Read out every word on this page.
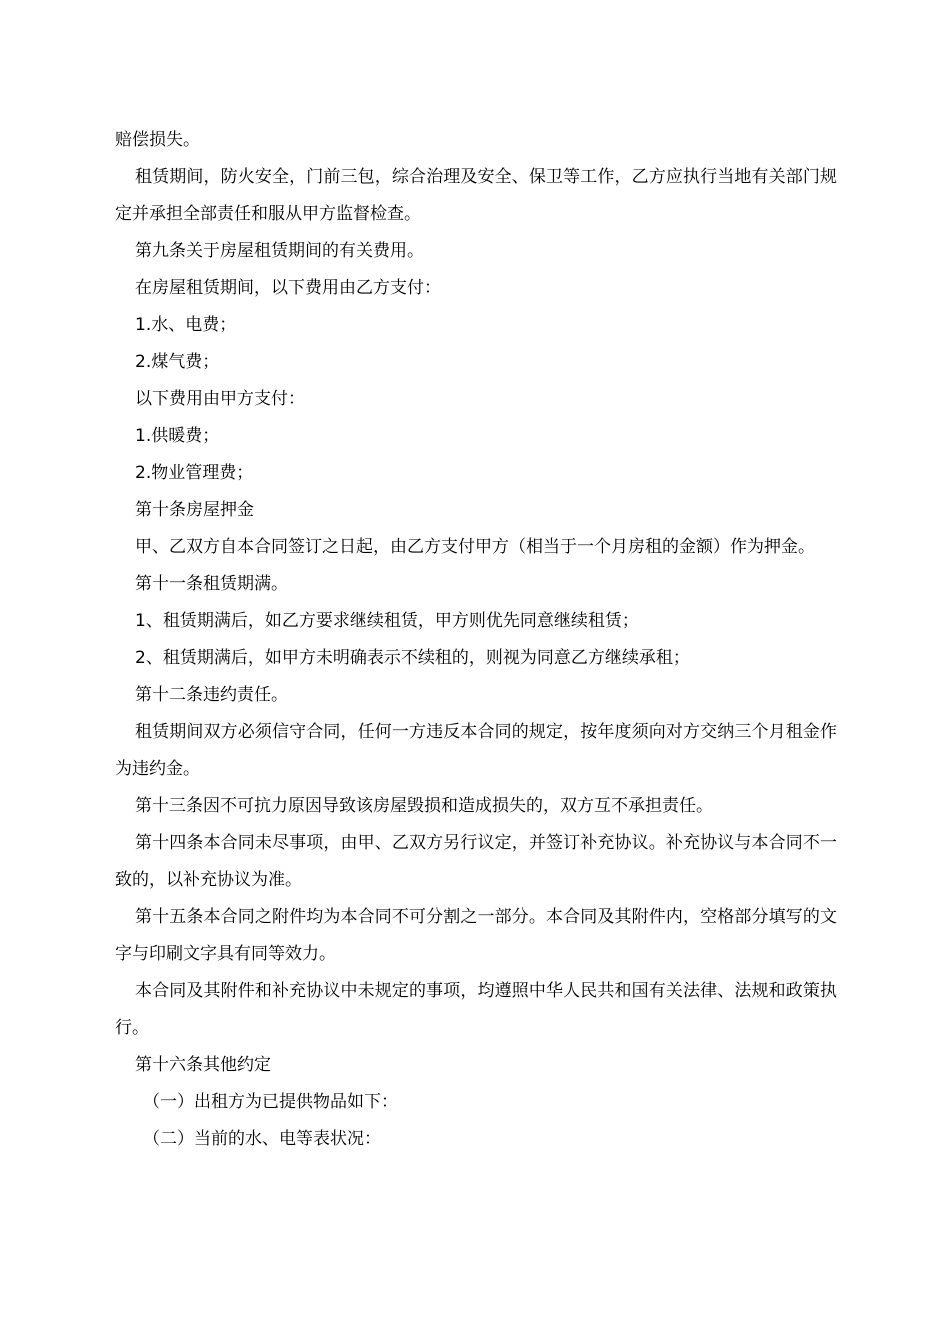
赔偿损失。

租赁期间，防火安全，门前三包，综合治理及安全、保卫等工作，乙方应执行当地有关部门规定并承担全部责任和服从甲方监督检查。

第九条关于房屋租赁期间的有关费用。

在房屋租赁期间，以下费用由乙方支付：

1.水、电费；

2.煤气费；

以下费用由甲方支付：

1.供暖费；

2.物业管理费；

第十条房屋押金

甲、乙双方自本合同签订之日起，由乙方支付甲方（相当于一个月房租的金额）作为押金。

第十一条租赁期满。

1、租赁期满后，如乙方要求继续租赁，甲方则优先同意继续租赁；

2、租赁期满后，如甲方未明确表示不续租的，则视为同意乙方继续承租；

第十二条违约责任。

租赁期间双方必须信守合同，任何一方违反本合同的规定，按年度须向对方交纳三个月租金作为违约金。

第十三条因不可抗力原因导致该房屋毁损和造成损失的，双方互不承担责任。

第十四条本合同未尽事项，由甲、乙双方另行议定，并签订补充协议。补充协议与本合同不一致的，以补充协议为准。

第十五条本合同之附件均为本合同不可分割之一部分。本合同及其附件内，空格部分填写的文字与印刷文字具有同等效力。

本合同及其附件和补充协议中未规定的事项，均遵照中华人民共和国有关法律、法规和政策执行。

第十六条其他约定

（一）出租方为已提供物品如下：

（二）当前的水、电等表状况：
